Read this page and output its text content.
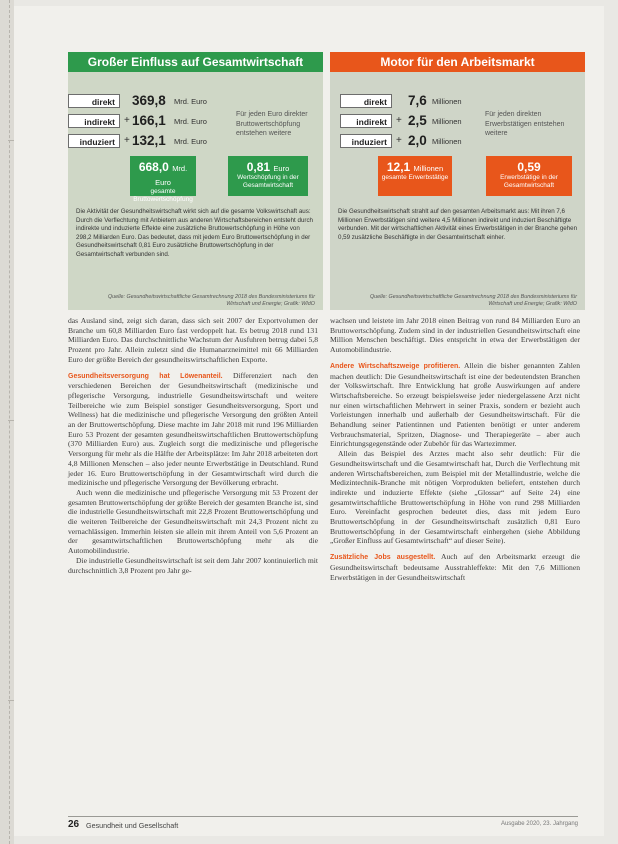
Großer Einfluss auf Gesamtwirtschaft
direkt	369,8 Mrd. Euro
indirekt + 166,1 Mrd. Euro
induziert + 132,1 Mrd. Euro
Für jeden Euro direkter Bruttowertschöpfung entstehen weitere
668,0 Mrd. Euro
gesamte Bruttowertschöpfung
0,81 Euro
Wertschöpfung in der Gesamtwirtschaft
Die Aktivität der Gesundheitswirtschaft wirkt sich auf die gesamte Volkswirtschaft aus: Durch die Verflechtung mit Anbietern aus anderen Wirtschaftsbereichen entsteht durch indirekte und induzierte Effekte eine zusätzliche Bruttowertschöpfung in Höhe von 298,2 Milliarden Euro. Das bedeutet, dass mit jedem Euro Bruttowertschöpfung in der Gesundheitswirtschaft 0,81 Euro zusätzliche Bruttowertschöpfung in der Gesamtwirtschaft verbunden sind.
Quelle: Gesundheitswirtschaftliche Gesamtrechnung 2018 des Bundesministeriums für Wirtschaft und Energie; Grafik: WIdO
Motor für den Arbeitsmarkt
direkt	7,6 Millionen
indirekt + 2,5 Millionen
induziert + 2,0 Millionen
Für jeden direkten Erwerbstätigen entstehen weitere
12,1 Millionen
gesamte Erwerbstätige
0,59
Erwerbstätige in der Gesamtwirtschaft
Die Gesundheitswirtschaft strahlt auf den gesamten Arbeitsmarkt aus: Mit ihren 7,6 Millionen Erwerbstätigen sind weitere 4,5 Millionen indirekt und induziert Beschäftigte verbunden. Mit der wirtschaftlichen Aktivität eines Erwerbstätigen in der Branche gehen 0,59 zusätzliche Beschäftigte in der Gesamtwirtschaft einher.
Quelle: Gesundheitswirtschaftliche Gesamtrechnung 2018 des Bundesministeriums für Wirtschaft und Energie; Grafik: WIdO

das Ausland sind, zeigt sich daran, dass sich seit 2007 der Exportvolumen der Branche um 60,8 Milliarden Euro fast verdoppelt hat. Es betrug 2018 rund 131 Milliarden Euro. Das durchschnittliche Wachstum der Ausfuhren betrug dabei 5,8 Prozent pro Jahr. Allein zuletzt sind die Humanarzneimittel mit 66 Milliarden Euro der größte Bereich der gesundheitswirtschaftlichen Exporte.

Gesundheitsversorgung hat Löwenanteil. Differenziert nach den verschiedenen Bereichen der Gesundheitswirtschaft (medizinische und pflegerische Versorgung, industrielle Gesundheitswirtschaft und weitere Teilbereiche wie zum Beispiel sonstiger Gesundheitsversorgung, Sport und Wellness) hat die medizinische und pflegerische Versorgung den größten Anteil an der Bruttowertschöpfung. Diese machte im Jahr 2018 mit rund 196 Milliarden Euro 53 Prozent der gesamten gesundheitswirtschaftlichen Bruttowertschöpfung (370 Milliarden Euro) aus. Zugleich sorgt die medizinische und pflegerische Versorgung für mehr als die Hälfte der Arbeitsplätze: Im Jahr 2018 arbeiteten dort 4,8 Millionen Menschen – also jeder neunte Erwerbstätige in Deutschland. Rund jeder 16. Euro Bruttowertschöpfung in der Gesamtwirtschaft wird durch die medizinische und pflegerische Versorgung der Bevölkerung erbracht.

Auch wenn die medizinische und pflegerische Versorgung mit 53 Prozent der gesamten Bruttowertschöpfung der größte Bereich der gesamten Branche ist, sind die industrielle Gesundheitswirtschaft mit 22,8 Prozent Bruttowertschöpfung und die weiteren Teilbereiche der Gesundheitswirtschaft mit 24,3 Prozent nicht zu vernachlässigen. Immerhin leisten sie allein mit ihrem Anteil von 5,6 Prozent an der gesamtwirtschaftlichen Bruttowertschöpfung mehr als die Automobilindustrie.

Die industrielle Gesundheitswirtschaft ist seit dem Jahr 2007 kontinuierlich mit durchschnittlich 3,8 Prozent pro Jahr ge-

wachsen und leistete im Jahr 2018 einen Beitrag von rund 84 Milliarden Euro an Bruttowertschöpfung. Zudem sind in der industriellen Gesundheitswirtschaft eine Million Menschen beschäftigt. Dies entspricht in etwa der Erwerbstätigen der Automobilindustrie.

Andere Wirtschaftszweige profitieren. Allein die bisher genannten Zahlen machen deutlich: Die Gesundheitswirtschaft ist eine der bedeutendsten Branchen der Volkswirtschaft. Ihre Entwicklung hat große Auswirkungen auf andere Wirtschaftsbereiche. So erzeugt beispielsweise jeder niedergelassene Arzt nicht nur einen wirtschaftlichen Mehrwert in seiner Praxis, sondern er bezieht auch Vorleistungen innerhalb und außerhalb der Gesundheitswirtschaft. Für die Behandlung seiner Patientinnen und Patienten benötigt er unter anderem Verbrauchsmaterial, Spritzen, Diagnose- und Therapiegeräte – aber auch Einrichtungsgegenstände oder Zubehör für das Wartezimmer.

Allein das Beispiel des Arztes macht also sehr deutlich: Für die Gesundheitswirtschaft und die Gesamtwirtschaft hat, Durch die Verflechtung mit anderen Wirtschaftsbereichen, zum Beispiel mit der Metallindustrie, welche die Medizintechnik-Branche mit nötigen Vorprodukten beliefert, entstehen durch indirekte und induzierte Effekte (siehe „Glossar“ auf Seite 24) eine gesamtwirtschaftliche Bruttowertschöpfung in Höhe von rund 298 Milliarden Euro. Vereinfacht gesprochen bedeutet dies, dass mit jedem Euro Bruttowertschöpfung in der Gesundheitswirtschaft zusätzlich 0,81 Euro Bruttowertschöpfung in der Gesamtwirtschaft einhergehen (siehe Abbildung „Großer Einfluss auf Gesamtwirtschaft“ auf dieser Seite).

Zusätzliche Jobs ausgestellt. Auch auf den Arbeitsmarkt erzeugt die Gesundheitswirtschaft bedeutsame Ausstrahleffekte: Mit den 7,6 Millionen Erwerbstätigen in der Gesundheitswirtschaft

26 Gesundheit und Gesellschaft	Ausgabe 2020, 23. Jahrgang
